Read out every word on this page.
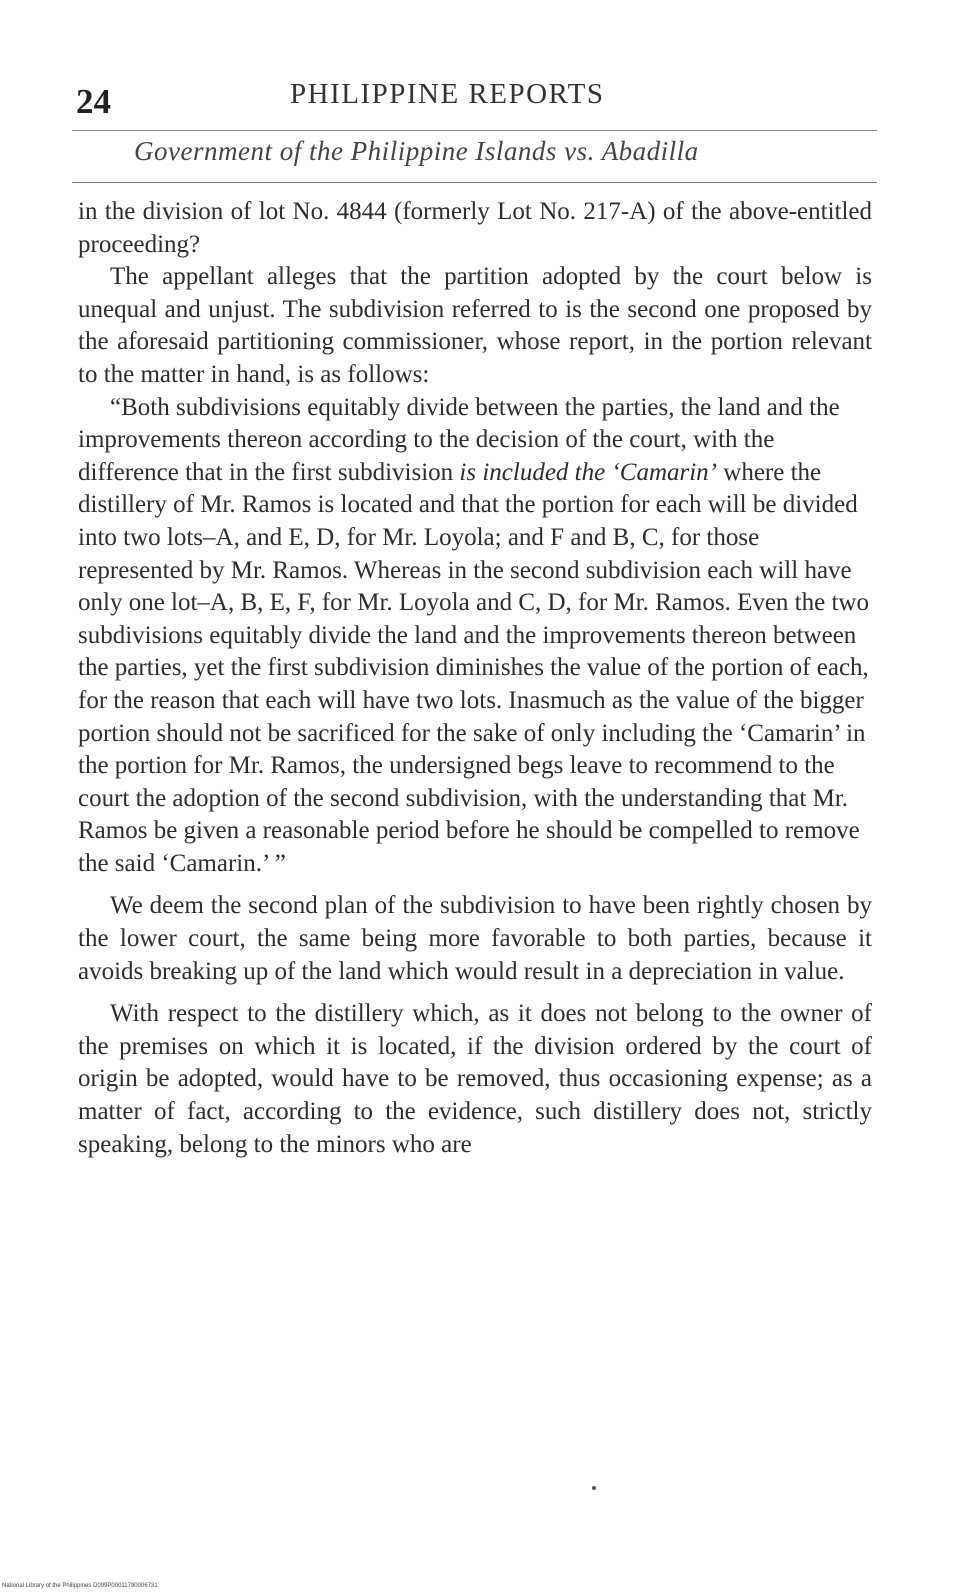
24	PHILIPPINE REPORTS
Government of the Philippine Islands vs. Abadilla

in the division of lot No. 4844 (formerly Lot No. 217-A) of the above-entitled proceeding?

The appellant alleges that the partition adopted by the court below is unequal and unjust. The subdivision referred to is the second one proposed by the aforesaid partitioning commissioner, whose report, in the portion relevant to the matter in hand, is as follows:

“Both subdivisions equitably divide between the parties, the land and the improvements thereon according to the decision of the court, with the difference that in the first subdivision is included the ‘Camarin’ where the distillery of Mr. Ramos is located and that the portion for each will be divided into two lots–A, and E, D, for Mr. Loyola; and F and B, C, for those represented by Mr. Ramos. Whereas in the second subdivision each will have only one lot–A, B, E, F, for Mr. Loyola and C, D, for Mr. Ramos. Even the two subdivisions equitably divide the land and the improvements thereon between the parties, yet the first subdivision diminishes the value of the portion of each, for the reason that each will have two lots. Inasmuch as the value of the bigger portion should not be sacrificed for the sake of only including the ‘Camarin’ in the portion for Mr. Ramos, the undersigned begs leave to recommend to the court the adoption of the second subdivision, with the understanding that Mr. Ramos be given a reasonable period before he should be compelled to remove the said ‘Camarin.’ ”

We deem the second plan of the subdivision to have been rightly chosen by the lower court, the same being more favorable to both parties, because it avoids breaking up of the land which would result in a depreciation in value.

With respect to the distillery which, as it does not belong to the owner of the premises on which it is located, if the division ordered by the court of origin be adopted, would have to be removed, thus occasioning expense; as a matter of fact, according to the evidence, such distillery does not, strictly speaking, belong to the minors who are

National Library of the Philippines D099P00011790006731
